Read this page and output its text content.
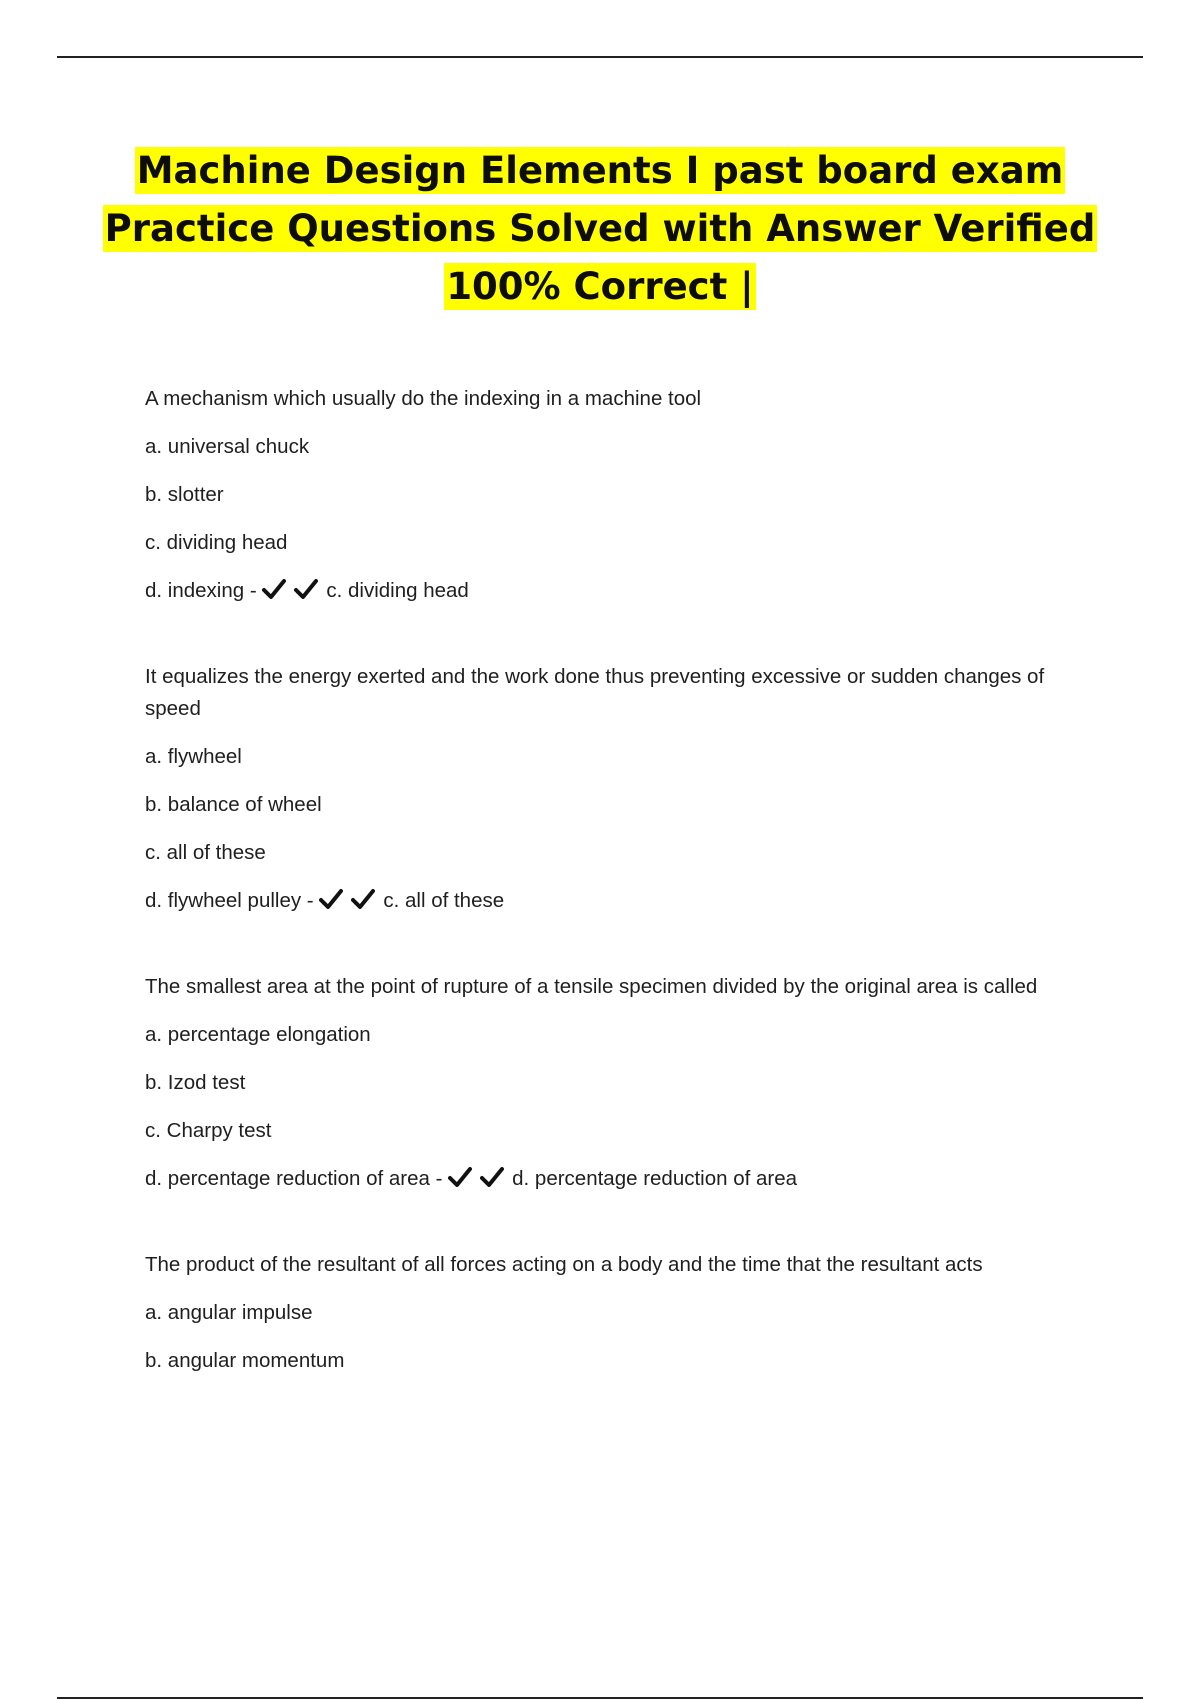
Machine Design Elements I past board exam
Practice Questions Solved with Answer Verified
100% Correct |

A mechanism which usually do the indexing in a machine tool

a. universal chuck

b. slotter

c. dividing head

d. indexing -	c. dividing head

It equalizes the energy exerted and the work done thus preventing excessive or sudden changes of speed

a. flywheel

b. balance of wheel

c. all of these

d. flywheel pulley -	c. all of these

The smallest area at the point of rupture of a tensile specimen divided by the original area is called

a. percentage elongation

b. Izod test

c. Charpy test

d. percentage reduction of area -	d. percentage reduction of area

The product of the resultant of all forces acting on a body and the time that the resultant acts

a. angular impulse

b. angular momentum
